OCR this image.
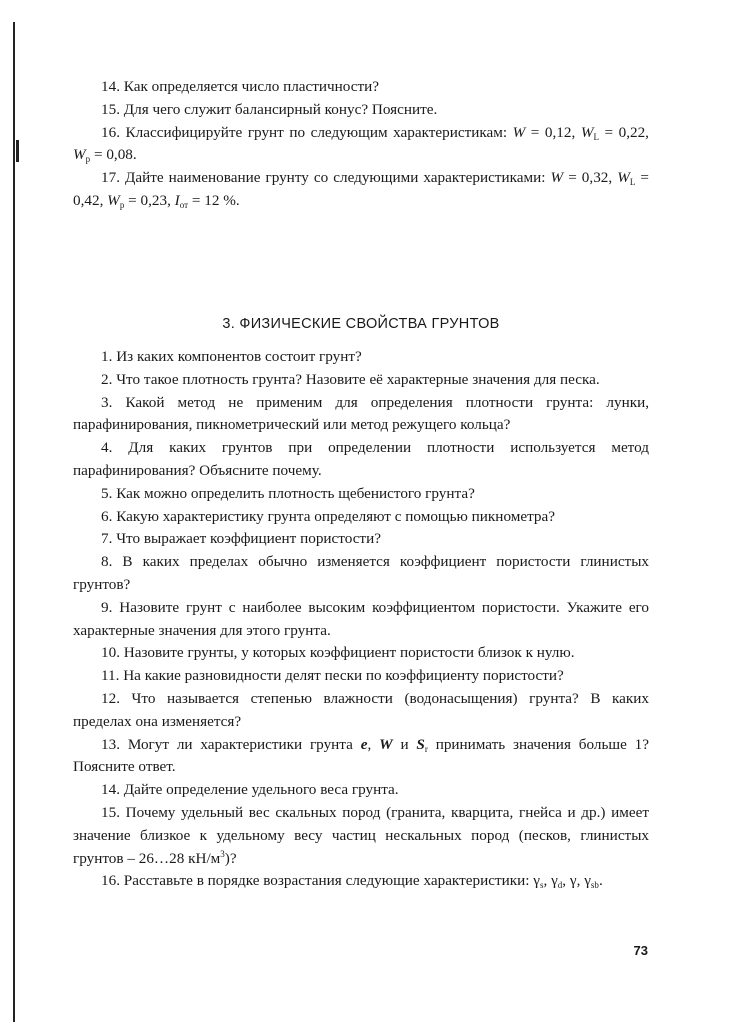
14. Как определяется число пластичности?

15. Для чего служит балансирный конус? Поясните.

16. Классифицируйте грунт по следующим характеристикам: W = 0,12, $W_L = 0,22$, $W_p = 0,08$.

17. Дайте наименование грунту со следующими характеристиками: W = 0,32, $W_L = 0,42$, $W_p = 0,23$, $I_{от} = 12$ %.

3. ФИЗИЧЕСКИЕ СВОЙСТВА ГРУНТОВ

1. Из каких компонентов состоит грунт?

2. Что такое плотность грунта? Назовите её характерные значения для песка.

3. Какой метод не применим для определения плотности грунта: лунки, парафинирования, пикнометрический или метод режущего кольца?

4. Для каких грунтов при определении плотности используется метод парафинирования? Объясните почему.

5. Как можно определить плотность щебенистого грунта?

6. Какую характеристику грунта определяют с помощью пикнометра?

7. Что выражает коэффициент пористости?

8. В каких пределах обычно изменяется коэффициент пористости глинистых грунтов?

9. Назовите грунт с наиболее высоким коэффициентом пористости. Укажите его характерные значения для этого грунта.

10. Назовите грунты, у которых коэффициент пористости близок к нулю.

11. На какие разновидности делят пески по коэффициенту пористости?

12. Что называется степенью влажности (водонасыщения) грунта? В каких пределах она изменяется?

13. Могут ли характеристики грунта e, W и $S_r$ принимать значения больше 1? Поясните ответ.

14. Дайте определение удельного веса грунта.

15. Почему удельный вес скальных пород (гранита, кварцита, гнейса и др.) имеет значение близкое к удельному весу частиц нескальных пород (песков, глинистых грунтов – 26…28 $кН/м^3$)?

16. Расставьте в порядке возрастания следующие характеристики: $\gamma_s$, $\gamma_d$, γ, $\gamma_{sb}$.

73
